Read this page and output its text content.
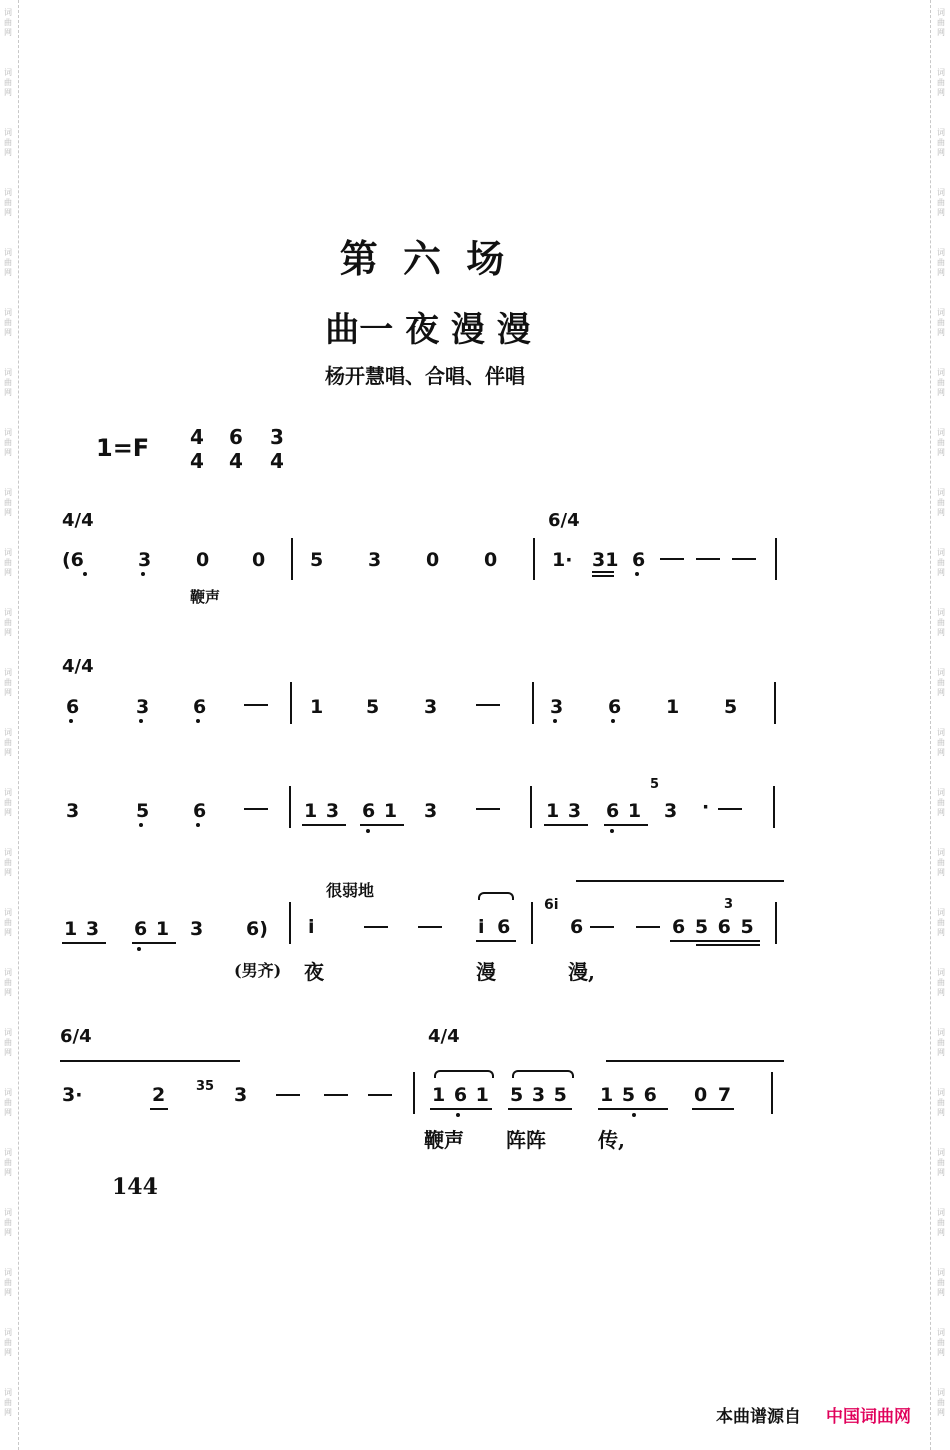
词
曲
网
词
曲
网
词
曲
网
词
曲
网
词
曲
网
词
曲
网
词
曲
网
词
曲
网
词
曲
网
词
曲
网
词
曲
网
词
曲
网
词
曲
网
词
曲
网
词
曲
网
词
曲
网
词
曲
网
词
曲
网
词
曲
网
词
曲
网
词
曲
网
词
曲
网
词
曲
网
词
曲
网
词
曲
网
词
曲
网
词
曲
网
词
曲
网
词
曲
网
词
曲
网
词
曲
网
词
曲
网
词
曲
网
词
曲
网
词
曲
网
词
曲
网
词
曲
网
词
曲
网
词
曲
网
词
曲
网
词
曲
网
词
曲
网
词
曲
网
词
曲
网
词
曲
网
词
曲
网
词
曲
网
词
曲
网
第 六 场
曲一 夜 漫 漫
杨开慧唱、合唱、伴唱
1=F 4
4
6
4
3
4
4/4	6/4
(6	3 0 0 5 3 0 0	1· 31 6
鞭声
4/4
6	3 6	1 5 3	3 6 1 5
3	5 6	1 3 6 1 3	1 3 6 1
5
3 ·
很弱地
1 3 6 1 3 6) i	i 6
6i
6	6 5 6 5
3
(男齐) 夜	漫	漫,
6/4	4/4
3·	2 35 3	1 6 1 5 3 5 1 5 6 0 7
鞭声 阵阵	传,
144
本曲谱源自 中国词曲网
